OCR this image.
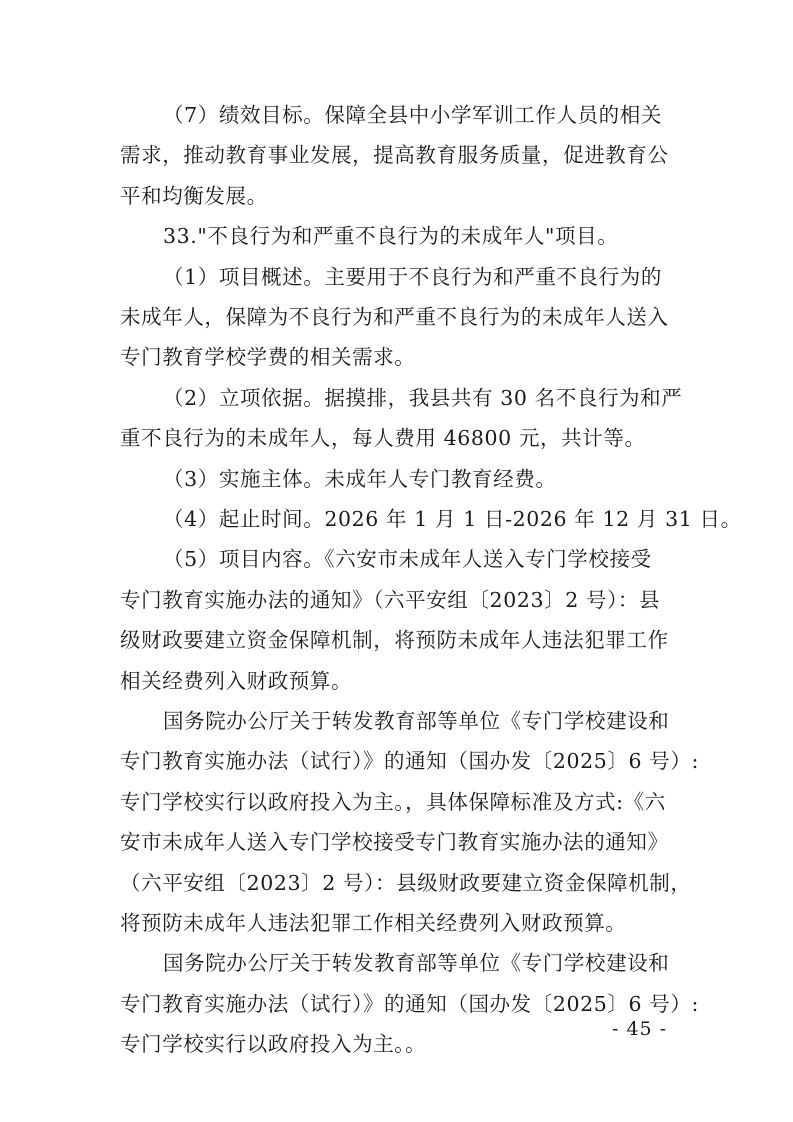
（7）绩效目标。保障全县中小学军训工作人员的相关
需求，推动教育事业发展，提高教育服务质量，促进教育公
平和均衡发展。
33."不良行为和严重不良行为的未成年人"项目。
（1）项目概述。主要用于不良行为和严重不良行为的
未成年人，保障为不良行为和严重不良行为的未成年人送入
专门教育学校学费的相关需求。
（2）立项依据。据摸排，我县共有 30 名不良行为和严
重不良行为的未成年人，每人费用 46800 元，共计等。
（3）实施主体。未成年人专门教育经费。
（4）起止时间。2026 年 1 月 1 日-2026 年 12 月 31 日。
（5）项目内容。《六安市未成年人送入专门学校接受
专门教育实施办法的通知》（六平安组〔2023〕2 号）：县
级财政要建立资金保障机制，将预防未成年人违法犯罪工作
相关经费列入财政预算。
国务院办公厅关于转发教育部等单位《专门学校建设和
专门教育实施办法（试行）》的通知（国办发〔2025〕6 号）:
专门学校实行以政府投入为主。，具体保障标准及方式:《六
安市未成年人送入专门学校接受专门教育实施办法的通知》
（六平安组〔2023〕2 号）：县级财政要建立资金保障机制，
将预防未成年人违法犯罪工作相关经费列入财政预算。
国务院办公厅关于转发教育部等单位《专门学校建设和
专门教育实施办法（试行）》的通知（国办发〔2025〕6 号）:
专门学校实行以政府投入为主。。
- 45 -
